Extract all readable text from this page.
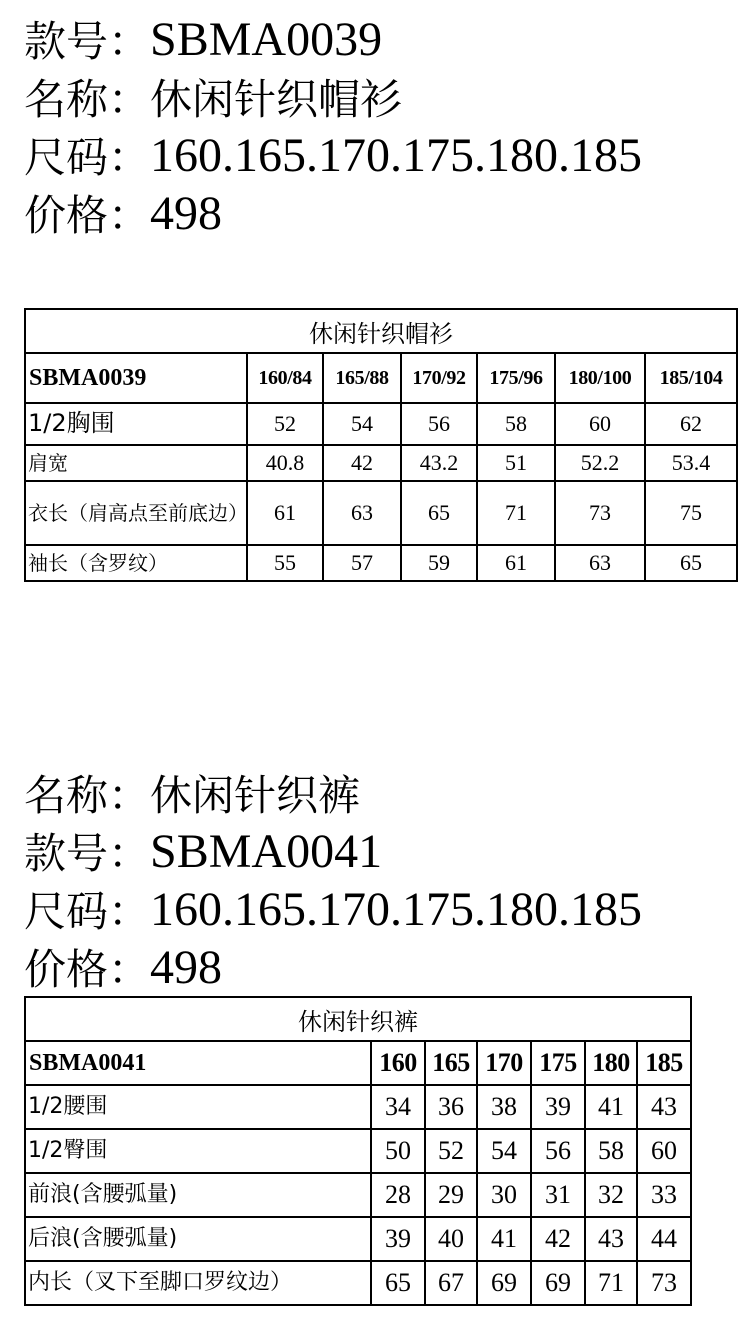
款号： SBMA0039
名称： 休闲针织帽衫
尺码： 160.165.170.175.180.185
价格： 498
休闲针织帽衫						
SBMA0039	160/84	165/88	170/92	175/96	180/100	185/104
1/2胸围	52	54	56	58	60	62
肩宽	40.8	42	43.2	51	52.2	53.4

衣长（肩高点至前底边）	61	63	65	71	73	75
袖长（含罗纹）	55	57	59	61	63	65
名称： 休闲针织裤
款号： SBMA0041
尺码： 160.165.170.175.180.185
价格： 498
休闲针织裤						
SBMA0041	160	165	170	175	180	185
1/2腰围	34	36	38	39	41	43
1/2臀围	50	52	54	56	58	60
前浪(含腰弧量)	28	29	30	31	32	33
后浪(含腰弧量)	39	40	41	42	43	44
内长（叉下至脚口罗纹边）	65	67	69	69	71	73
